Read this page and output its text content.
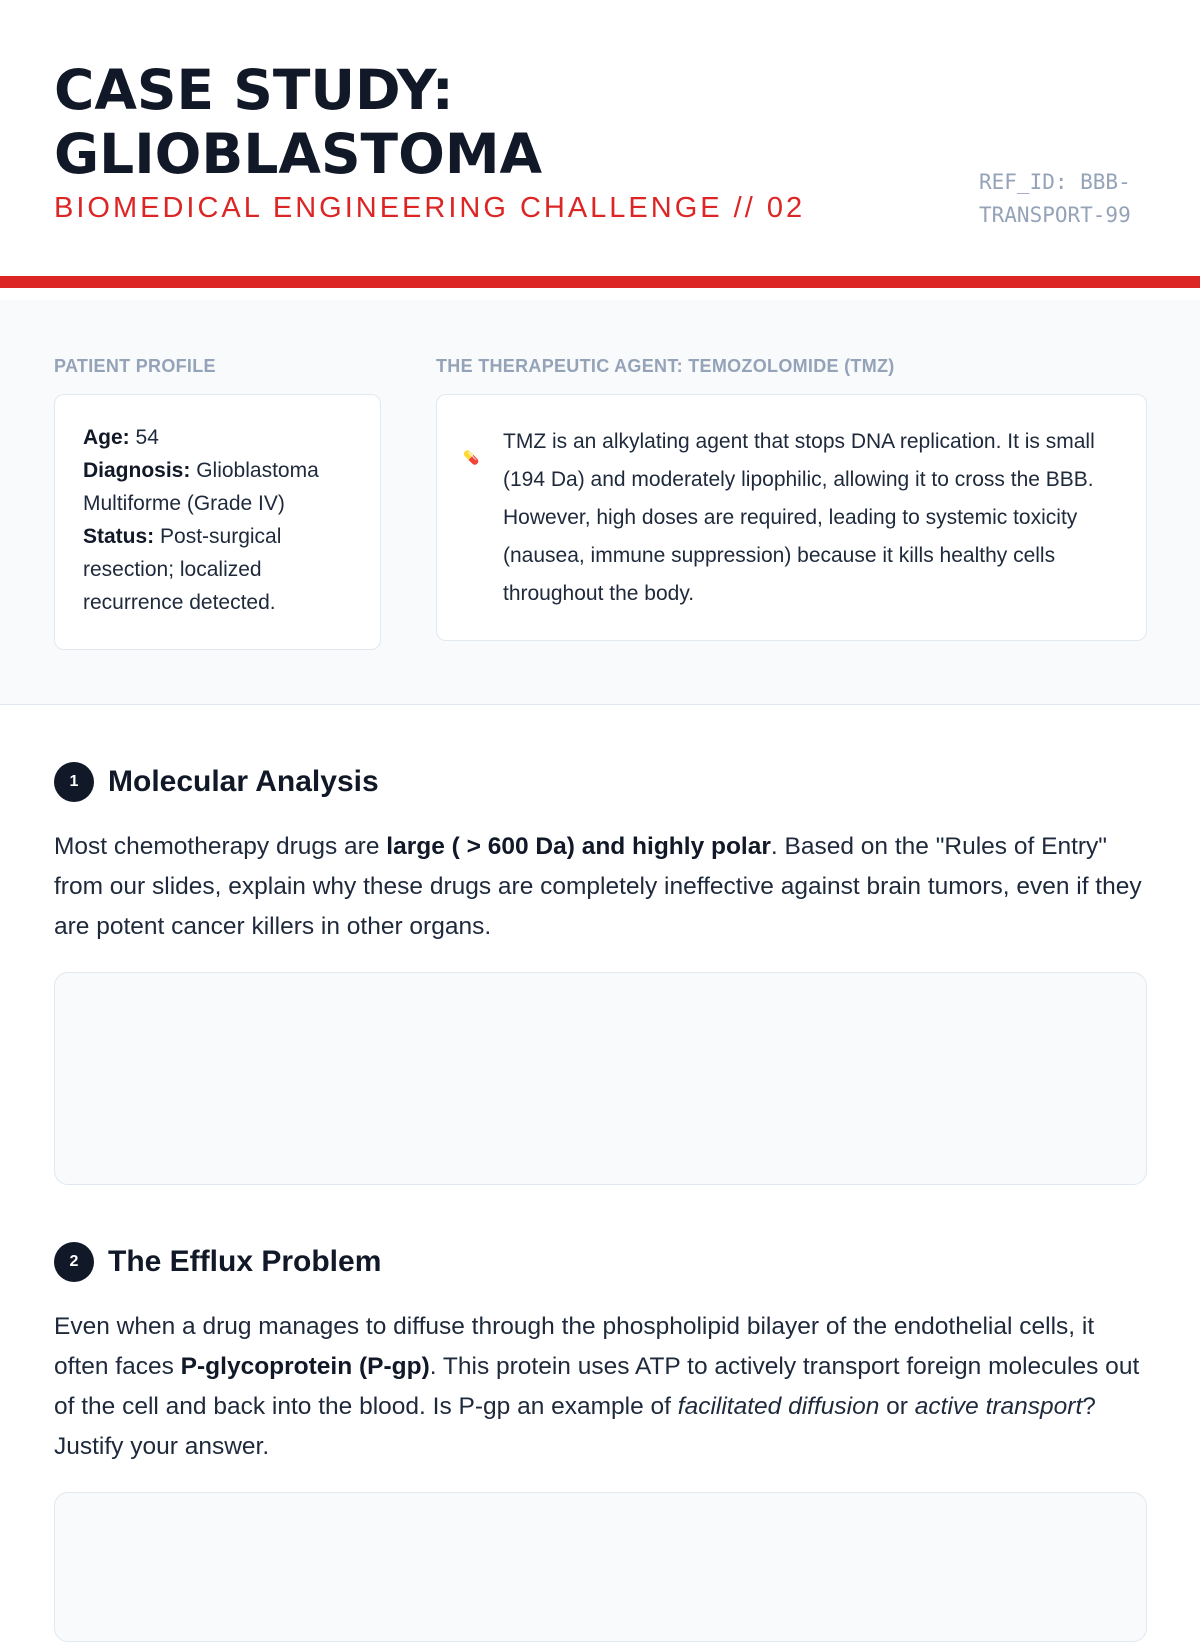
CASE STUDY:
GLIOBLASTOMA
BIOMEDICAL ENGINEERING CHALLENGE // 02
REF_ID: BBB-TRANSPORT-99
PATIENT PROFILE
Age: 54
Diagnosis: Glioblastoma Multiforme (Grade IV)
Status: Post-surgical resection; localized recurrence detected.
THE THERAPEUTIC AGENT: TEMOZOLOMIDE (TMZ)
💊

TMZ is an alkylating agent that stops DNA replication. It is small (194 Da) and moderately lipophilic, allowing it to cross the BBB. However, high doses are required, leading to systemic toxicity (nausea, immune suppression) because it kills healthy cells throughout the body.

1 Molecular Analysis

Most chemotherapy drugs are large ( > 600 Da) and highly polar. Based on the "Rules of Entry" from our slides, explain why these drugs are completely ineffective against brain tumors, even if they are potent cancer killers in other organs.

2 The Efflux Problem

Even when a drug manages to diffuse through the phospholipid bilayer of the endothelial cells, it often faces P-glycoprotein (P-gp). This protein uses ATP to actively transport foreign molecules out of the cell and back into the blood. Is P-gp an example of facilitated diffusion or active transport? Justify your answer.
